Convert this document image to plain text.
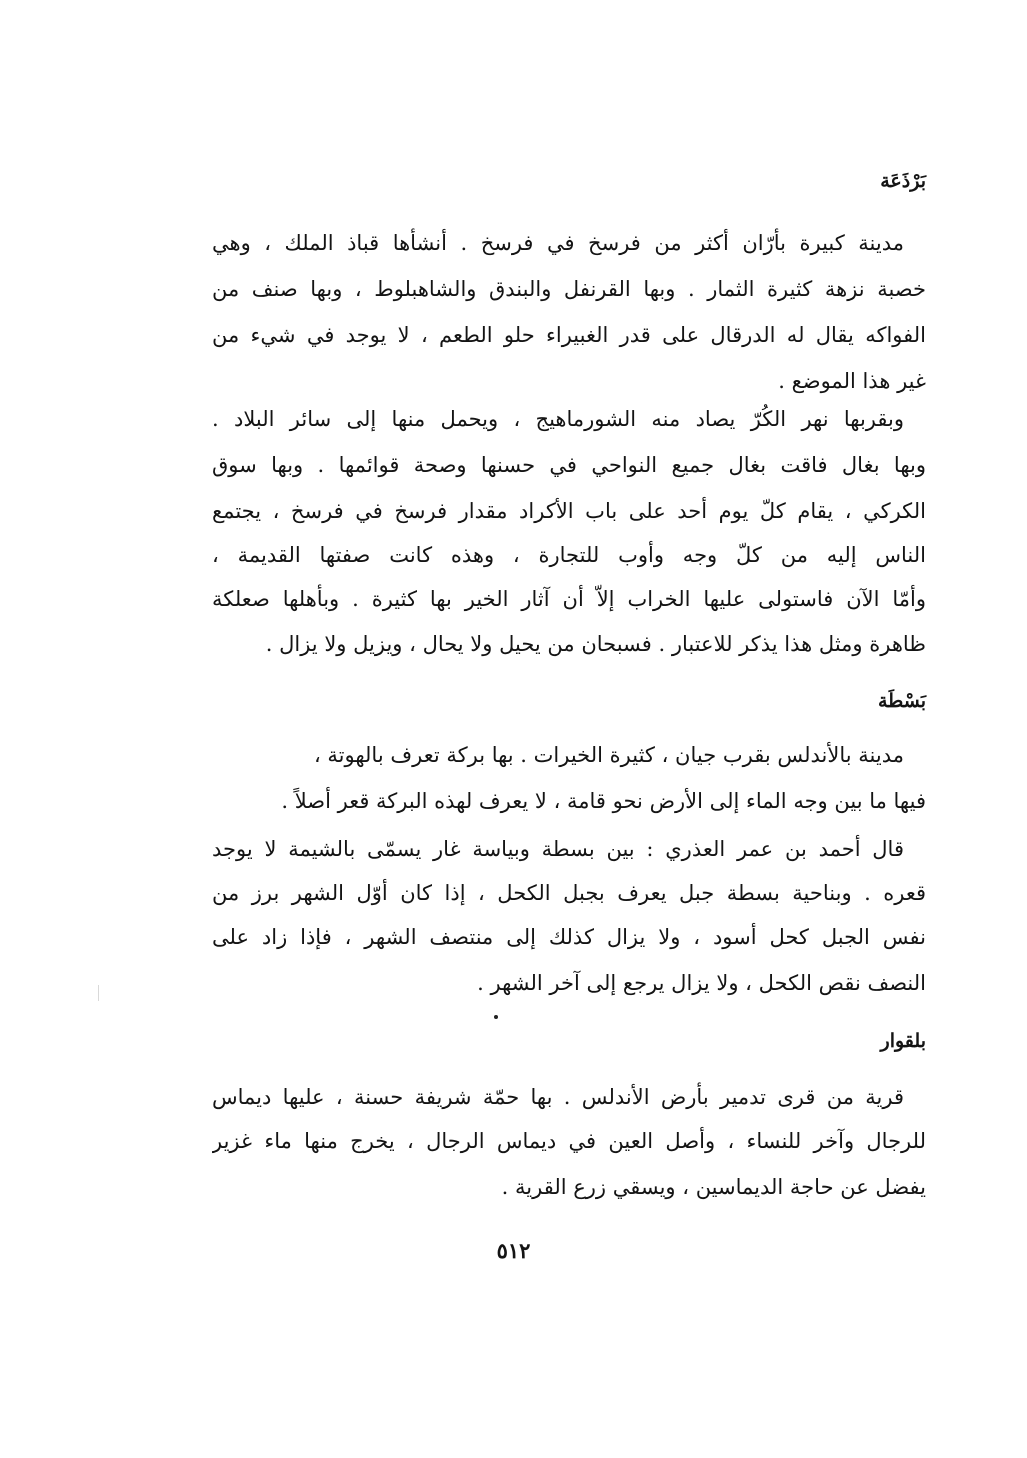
بَرْذَعَة
مدينة كبيرة بأرّان أكثر من فرسخ في فرسخ . أنشأها قباذ الملك ، وهي
خصبة نزهة كثيرة الثمار . وبها القرنفل والبندق والشاهبلوط ، وبها صنف من
الفواكه يقال له الدرقال على قدر الغبيراء حلو الطعم ، لا يوجد في شيء من
غير هذا الموضع .
وبقربها نهر الكُرّ يصاد منه الشورماهيج ، ويحمل منها إلى سائر البلاد .
وبها بغال فاقت بغال جميع النواحي في حسنها وصحة قوائمها . وبها سوق
الكركي ، يقام كلّ يوم أحد على باب الأكراد مقدار فرسخ في فرسخ ، يجتمع
الناس إليه من كلّ وجه وأوب للتجارة ، وهذه كانت صفتها القديمة ،
وأمّا الآن فاستولى عليها الخراب إلاّ أن آثار الخير بها كثيرة . وبأهلها صعلكة
ظاهرة ومثل هذا يذكر للاعتبار . فسبحان من يحيل ولا يحال ، ويزيل ولا يزال .
بَسْطَة
مدينة بالأندلس بقرب جيان ، كثيرة الخيرات . بها بركة تعرف بالهوتة ،
فيها ما بين وجه الماء إلى الأرض نحو قامة ، لا يعرف لهذه البركة قعر أصلاً .
قال أحمد بن عمر العذري : بين بسطة وبياسة غار يسمّى بالشيمة لا يوجد
قعره . وبناحية بسطة جبل يعرف بجبل الكحل ، إذا كان أوّل الشهر برز من
نفس الجبل كحل أسود ، ولا يزال كذلك إلى منتصف الشهر ، فإذا زاد على
النصف نقص الكحل ، ولا يزال يرجع إلى آخر الشهر .
بلقوار
قرية من قرى تدمير بأرض الأندلس . بها حمّة شريفة حسنة ، عليها ديماس
للرجال وآخر للنساء ، وأصل العين في ديماس الرجال ، يخرج منها ماء غزير
يفضل عن حاجة الديماسين ، ويسقي زرع القرية .
٥١٢
